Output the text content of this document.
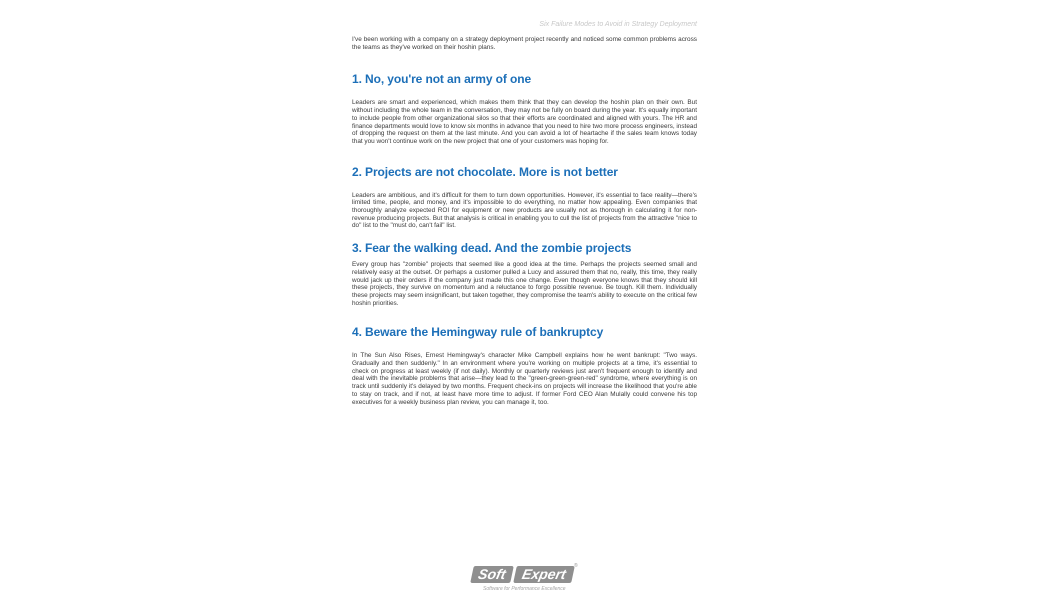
Six Failure Modes to Avoid in Strategy Deployment

I've been working with a company on a strategy deployment project recently and noticed some common problems across the teams as they've worked on their hoshin plans.

1. No, you're not an army of one

Leaders are smart and experienced, which makes them think that they can develop the hoshin plan on their own. But without including the whole team in the conversation, they may not be fully on board during the year. It's equally important to include people from other organizational silos so that their efforts are coordinated and aligned with yours. The HR and finance departments would love to know six months in advance that you need to hire two more process engineers, instead of dropping the request on them at the last minute. And you can avoid a lot of heartache if the sales team knows today that you won't continue work on the new project that one of your customers was hoping for.

2. Projects are not chocolate. More is not better

Leaders are ambitious, and it's difficult for them to turn down opportunities. However, it's essential to face reality—there's limited time, people, and money, and it's impossible to do everything, no matter how appealing. Even companies that thoroughly analyze expected ROI for equipment or new products are usually not as thorough in calculating it for non-revenue producing projects. But that analysis is critical in enabling you to cull the list of projects from the attractive "nice to do" list to the "must do, can't fail" list.

3. Fear the walking dead. And the zombie projects

Every group has "zombie" projects that seemed like a good idea at the time. Perhaps the projects seemed small and relatively easy at the outset. Or perhaps a customer pulled a Lucy and assured them that no, really, this time, they really would jack up their orders if the company just made this one change. Even though everyone knows that they should kill these projects, they survive on momentum and a reluctance to forgo possible revenue. Be tough. Kill them. Individually these projects may seem insignificant, but taken together, they compromise the team's ability to execute on the critical few hoshin priorities.

4. Beware the Hemingway rule of bankruptcy

In The Sun Also Rises, Ernest Hemingway's character Mike Campbell explains how he went bankrupt: "Two ways. Gradually and then suddenly." In an environment where you're working on multiple projects at a time, it's essential to check on progress at least weekly (if not daily). Monthly or quarterly reviews just aren't frequent enough to identify and deal with the inevitable problems that arise—they lead to the "green-green-green-red" syndrome, where everything is on track until suddenly it's delayed by two months. Frequent check-ins on projects will increase the likelihood that you're able to stay on track, and if not, at least have more time to adjust. If former Ford CEO Alan Mulally could convene his top executives for a weekly business plan review, you can manage it, too.

Soft Expert	®
Software for Performance Excellence
